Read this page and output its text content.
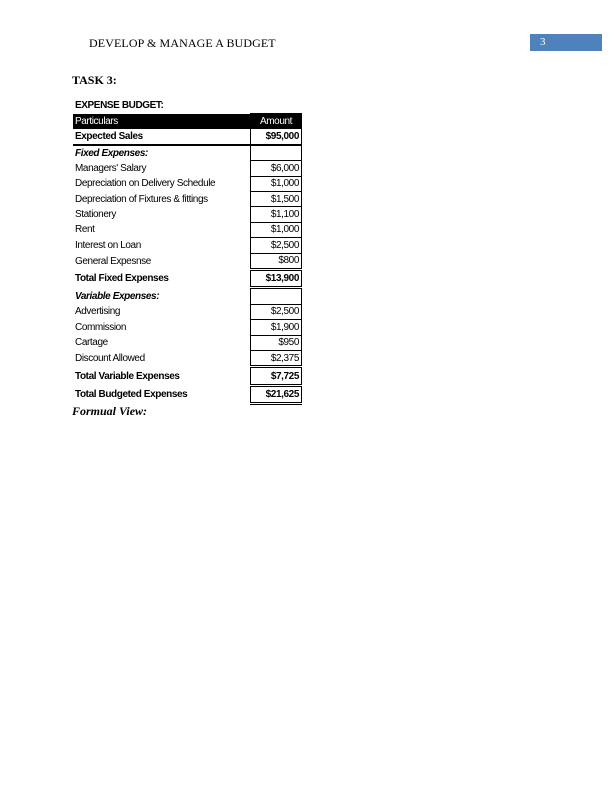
DEVELOP & MANAGE A BUDGET	3
TASK 3:
EXPENSE BUDGET:
Particulars	Amount
Expected Sales	$95,000
Fixed Expenses:	
Managers' Salary	$6,000
Depreciation on Delivery Schedule	$1,000
Depreciation of Fixtures & fittings	$1,500
Stationery	$1,100
Rent	$1,000
Interest on Loan	$2,500
General Expesnse	$800
Total Fixed Expenses	$13,900
Variable Expenses:	
Advertising	$2,500
Commission	$1,900
Cartage	$950
Discount Allowed	$2,375
Total Variable Expenses	$7,725
Total Budgeted Expenses	$21,625
Formual View:
